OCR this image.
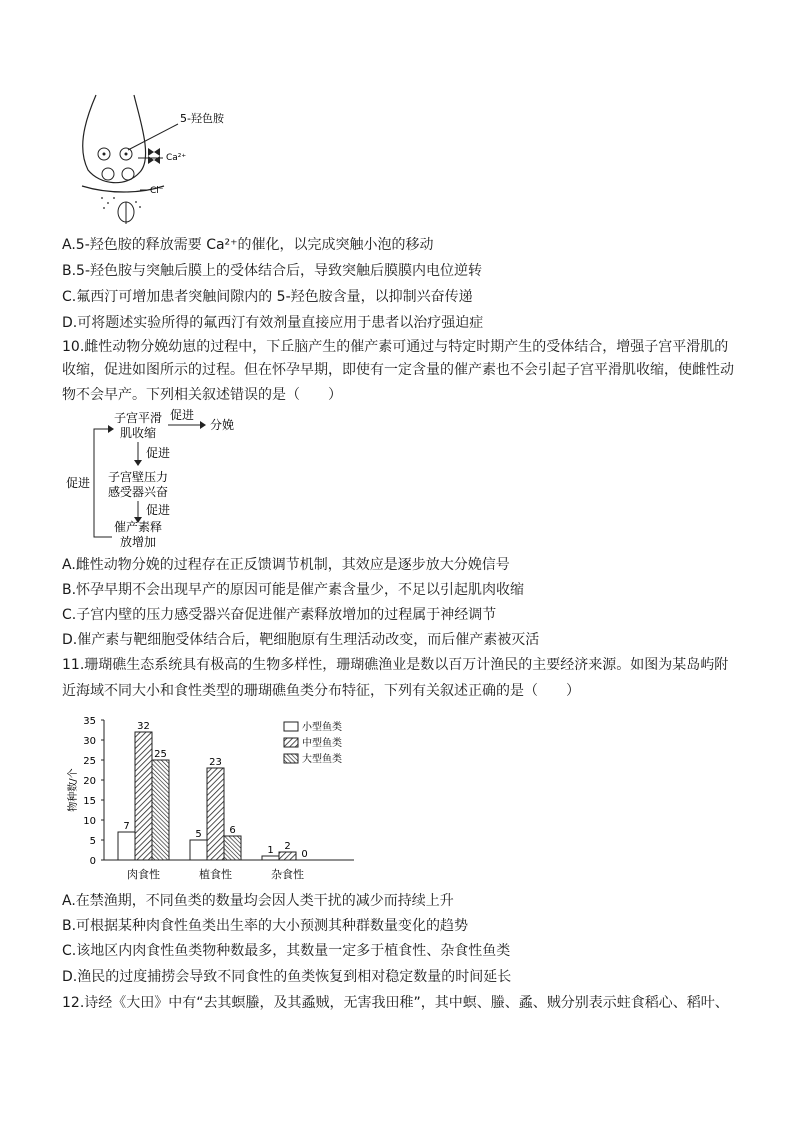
5-羟色胺
Ca²⁺
Cl⁻
A.5-羟色胺的释放需要 Ca²⁺的催化，以完成突触小泡的移动
B.5-羟色胺与突触后膜上的受体结合后，导致突触后膜膜内电位逆转
C.氟西汀可增加患者突触间隙内的 5-羟色胺含量，以抑制兴奋传递
D.可将题述实验所得的氟西汀有效剂量直接应用于患者以治疗强迫症
10.雌性动物分娩幼崽的过程中，下丘脑产生的催产素可通过与特定时期产生的受体结合，增强子宫平滑肌的
收缩，促进如图所示的过程。但在怀孕早期，即使有一定含量的催产素也不会引起子宫平滑肌收缩，使雌性动
物不会早产。下列相关叙述错误的是（　　）
子宫平滑
肌收缩
促进
分娩
促进
子宫壁压力
感受器兴奋
促进
催产素释
放增加
促进
A.雌性动物分娩的过程存在正反馈调节机制，其效应是逐步放大分娩信号
B.怀孕早期不会出现早产的原因可能是催产素含量少，不足以引起肌肉收缩
C.子宫内壁的压力感受器兴奋促进催产素释放增加的过程属于神经调节
D.催产素与靶细胞受体结合后，靶细胞原有生理活动改变，而后催产素被灭活
11.珊瑚礁生态系统具有极高的生物多样性，珊瑚礁渔业是数以百万计渔民的主要经济来源。如图为某岛屿附
近海域不同大小和食性类型的珊瑚礁鱼类分布特征，下列有关叙述正确的是（　　）
0
5
10
15
20
25
30
35
物种数/个
7
32
25
肉食性
5
23
6
植食性
1 2
0
杂食性
小型鱼类
中型鱼类
大型鱼类
A.在禁渔期，不同鱼类的数量均会因人类干扰的减少而持续上升
B.可根据某种肉食性鱼类出生率的大小预测其种群数量变化的趋势
C.该地区内肉食性鱼类物种数最多，其数量一定多于植食性、杂食性鱼类
D.渔民的过度捕捞会导致不同食性的鱼类恢复到相对稳定数量的时间延长
12.诗经《大田》中有“去其螟螣，及其蟊贼，无害我田稚”，其中螟、螣、蟊、贼分别表示蛀食稻心、稻叶、
